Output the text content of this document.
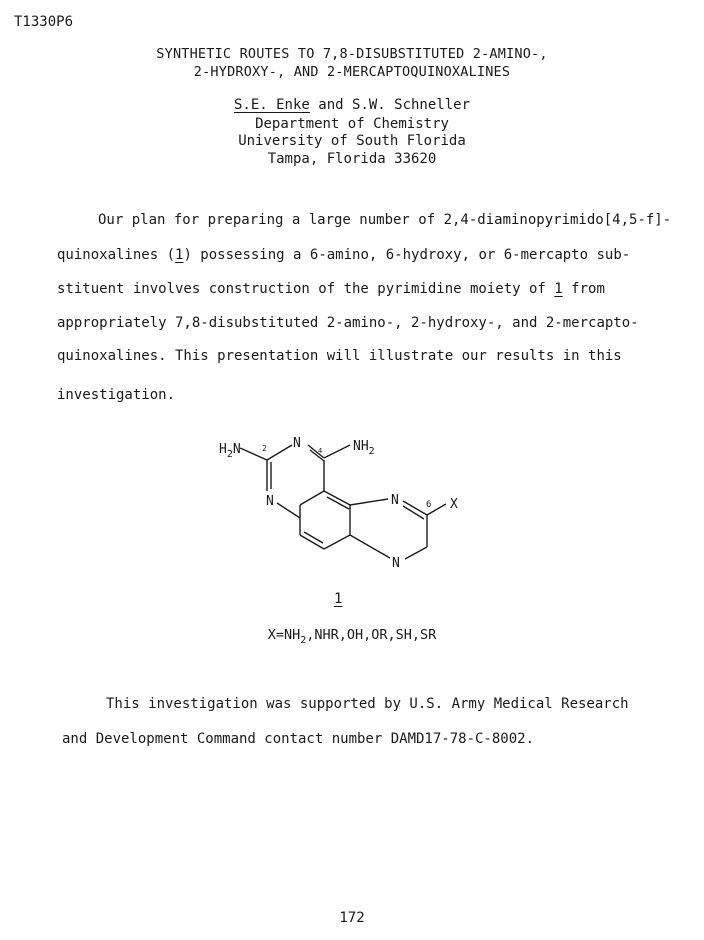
T1330P6
SYNTHETIC ROUTES TO 7,8-DISUBSTITUTED 2-AMINO-,
2-HYDROXY-, AND 2-MERCAPTOQUINOXALINES
S.E. Enke and S.W. Schneller
Department of Chemistry
University of South Florida
Tampa, Florida 33620
Our plan for preparing a large number of 2,4-diaminopyrimido[4,5-f]-
quinoxalines (1) possessing a 6-amino, 6-hydroxy, or 6-mercapto sub-
stituent involves construction of the pyrimidine moiety of 1 from
appropriately 7,8-disubstituted 2-amino-, 2-hydroxy-, and 2-mercapto-
quinoxalines. This presentation will illustrate our results in this
investigation.
$H_2N$	2 N 4 $NH_2$
N	N	6 X
N
1
$X=NH_2,NHR,OH,OR,SH,SR$
This investigation was supported by U.S. Army Medical Research
and Development Command contact number DAMD17-78-C-8002.
172
